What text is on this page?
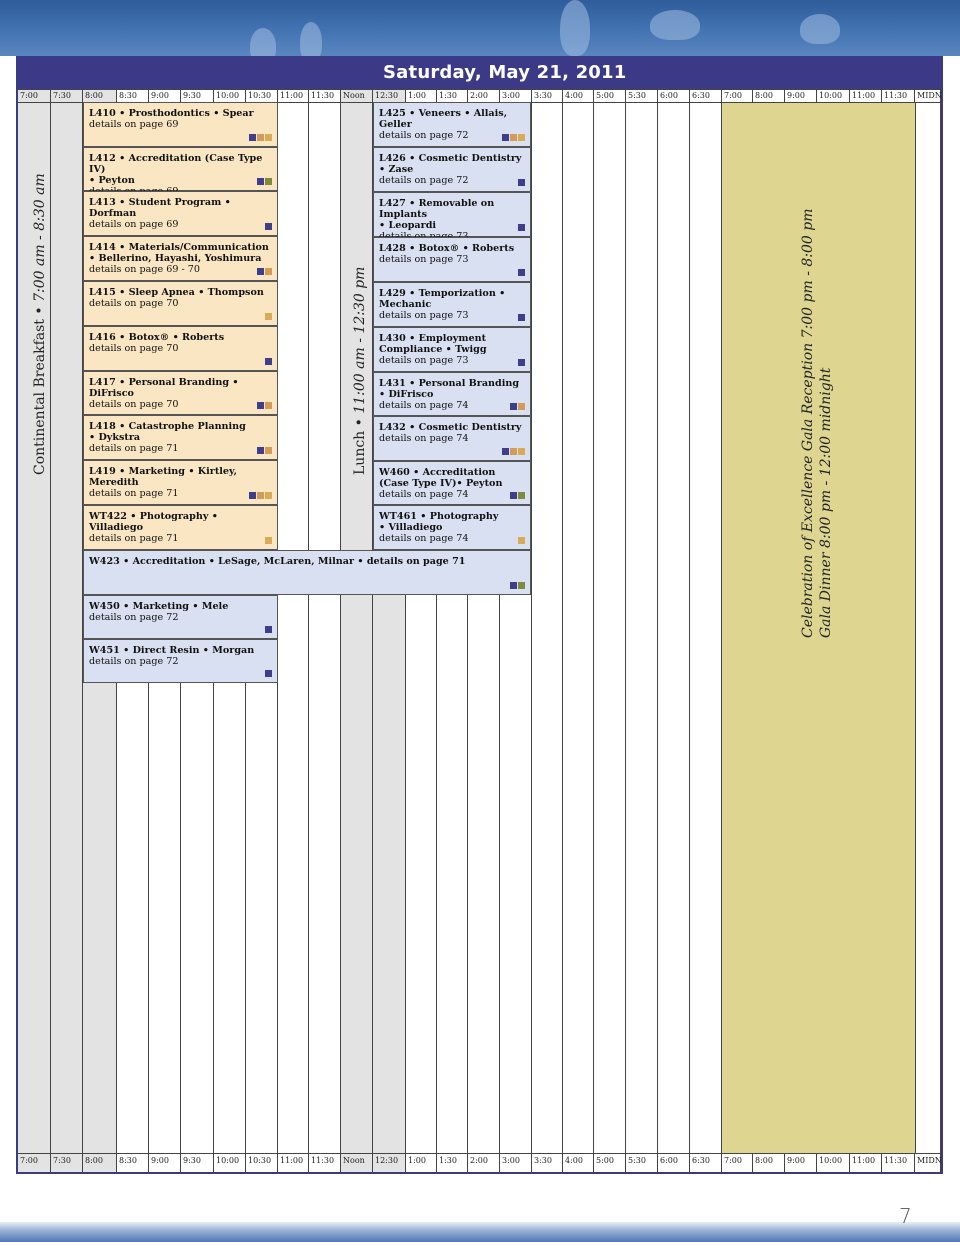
Saturday, May 21, 2011
7:00 7:30 8:00 8:30 9:00 9:30 10:00 10:30 11:00 11:30 Noon 12:30 1:00 1:30 2:00 3:00 3:30 4:00 5:00 5:30 6:00 6:30 7:00 8:00 9:00 10:00 11:00 11:30 MIDN
7:00 7:30 8:00 8:30 9:00 9:30 10:00 10:30 11:00 11:30 Noon 12:30 1:00 1:30 2:00 3:00 3:30 4:00 5:00 5:30 6:00 6:30 7:00 8:00 9:00 10:00 11:00 11:30 MIDN
Continental Breakfast • 7:00 am - 8:30 am
Lunch • 11:00 am - 12:30 pm	Celebration of Excellence Gala Reception 7:00 pm - 8:00 pm Gala Dinner 8:00 pm - 12:00 midnight
L410 • Prosthodontics • Spear
details on page 69
L412 • Accreditation (Case Type IV)
• Peyton
L413 • Student Program • Dorfman
details on page 69
L414 • Materials/Communication
• Bellerino, Hayashi, Yoshimura
details on page 69 - 70
L415 • Sleep Apnea • Thompson
details on page 70
L416 • Botox® • Roberts
details on page 70
L417 • Personal Branding • DiFrisco
details on page 70
L418 • Catastrophe Planning
• Dykstra
details on page 71
L419 • Marketing • Kirtley, Meredith
details on page 71
WT422 • Photography • Villadiego
details on page 71
L425 • Veneers • Allais, Geller
details on page 72
L426 • Cosmetic Dentistry
• Zase
details on page 72
L427 • Removable on Implants
• Leopardi
L428 • Botox® • Roberts
details on page 73
L429 • Temporization •
Mechanic
details on page 73
L430 • Employment
Compliance • Twigg
details on page 73
L431 • Personal Branding
• DiFrisco
details on page 74
L432 • Cosmetic Dentistry

details on page 74
W460 • Accreditation
(Case Type IV)• Peyton
details on page 74
WT461 • Photography
• Villadiego
details on page 74
W423 • Accreditation • LeSage, McLaren, Milnar • details on page 71
W450 • Marketing • Mele
details on page 72
W451 • Direct Resin • Morgan
details on page 72
7
